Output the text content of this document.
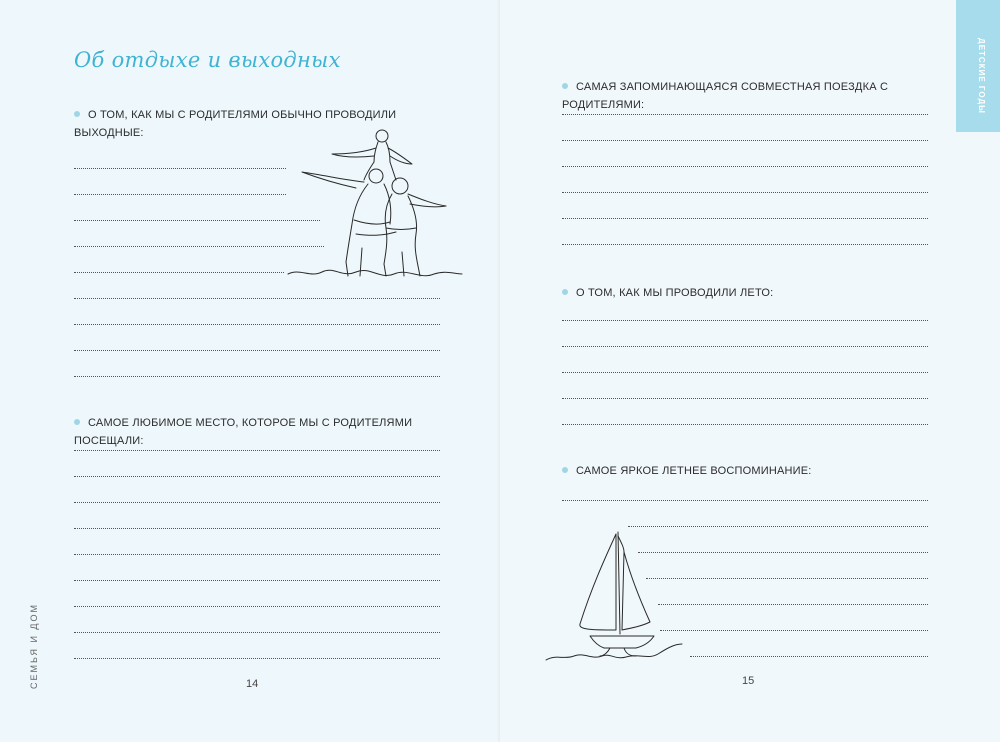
Об отдыхе и выходных
О ТОМ, КАК МЫ С РОДИТЕЛЯМИ ОБЫЧНО ПРОВОДИЛИ
ВЫХОДНЫЕ:
САМОЕ ЛЮБИМОЕ МЕСТО, КОТОРОЕ МЫ С РОДИТЕЛЯМИ ПОСЕЩАЛИ:
14
САМАЯ ЗАПОМИНАЮЩАЯСЯ СОВМЕСТНАЯ ПОЕЗДКА С РОДИТЕЛЯМИ:
О ТОМ, КАК МЫ ПРОВОДИЛИ ЛЕТО:
САМОЕ ЯРКОЕ ЛЕТНЕЕ ВОСПОМИНАНИЕ:
15
ДЕТСКИЕ ГОДЫ
СЕМЬЯ И ДОМ
